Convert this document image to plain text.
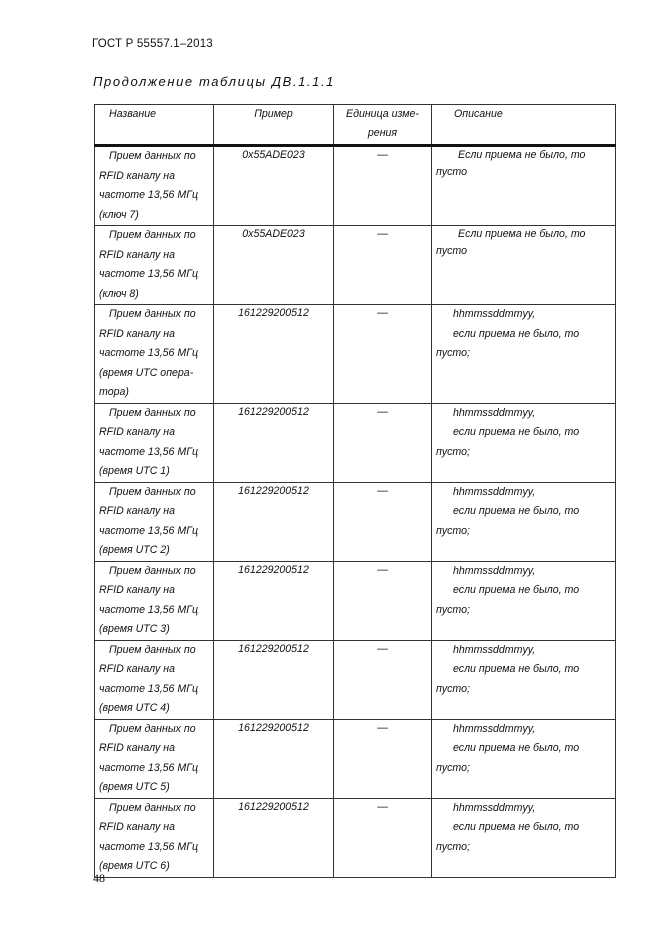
ГОСТ Р 55557.1–2013
Продолжение таблицы ДВ.1.1.1
Название	Пример	Единица изме-рения	Описание
Прием данных по RFID каналу на частоте 13,56 МГц (ключ 7)	0x55ADE023	—	Если приема не было, то пусто

Прием данных по RFID каналу на частоте 13,56 МГц (ключ 8)	0x55ADE023	—	Если приема не было, то пусто

Прием данных по RFID каналу на частоте 13,56 МГц (время UTC опера-тора)	161229200512	—	hhmmssddmmyy,
если приема не было, то
пусто;
Прием данных по RFID каналу на частоте 13,56 МГц (время UTC 1)	161229200512	—	hhmmssddmmyy,
если приема не было, то
пусто;
Прием данных по RFID каналу на частоте 13,56 МГц (время UTC 2)	161229200512	—	hhmmssddmmyy,
если приема не было, то
пусто;
Прием данных по RFID каналу на частоте 13,56 МГц (время UTC 3)	161229200512	—	hhmmssddmmyy,
если приема не было, то
пусто;
Прием данных по RFID каналу на частоте 13,56 МГц (время UTC 4)	161229200512	—	hhmmssddmmyy,
если приема не было, то
пусто;
Прием данных по RFID каналу на частоте 13,56 МГц (время UTC 5)	161229200512	—	hhmmssddmmyy,
если приема не было, то
пусто;
Прием данных по RFID каналу на частоте 13,56 МГц (время UTC 6)	161229200512	—	hhmmssddmmyy,
если приема не было, то
пусто;
48
